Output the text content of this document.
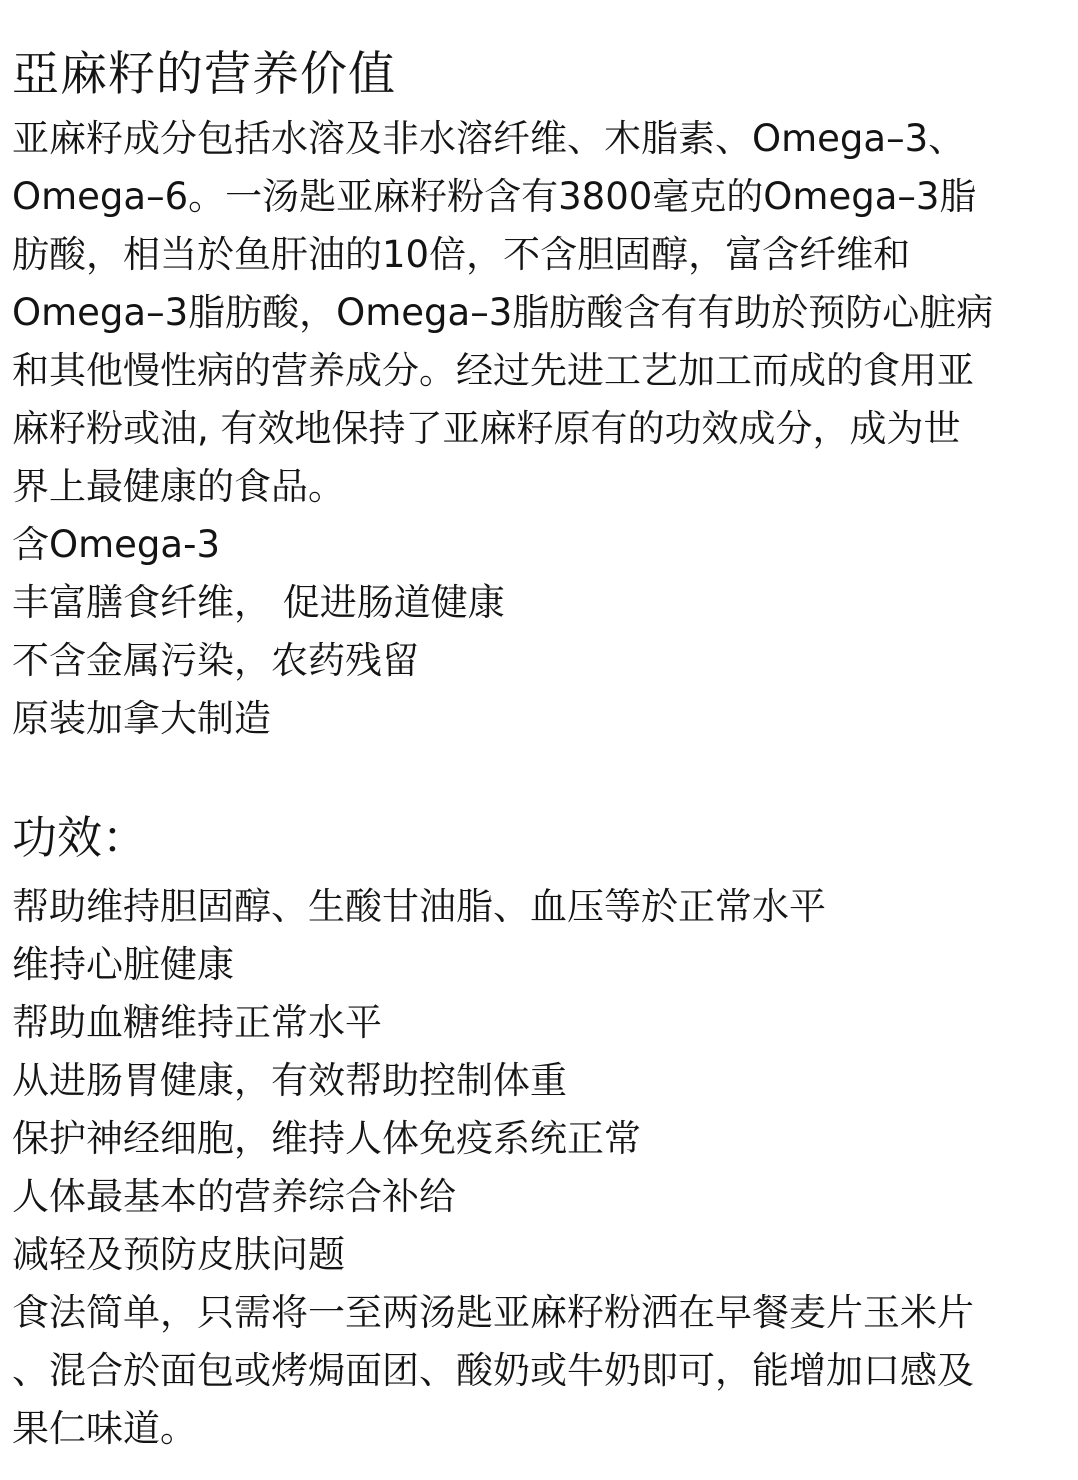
亞麻籽的营养价值
亚麻籽成分包括水溶及非水溶纤维、木脂素、Omega–3、
Omega–6。一汤匙亚麻籽粉含有3800毫克的Omega–3脂
肪酸，相当於鱼肝油的10倍，不含胆固醇，富含纤维和
Omega–3脂肪酸，Omega–3脂肪酸含有有助於预防心脏病
和其他慢性病的营养成分。经过先进工艺加工而成的食用亚
麻籽粉或油, 有效地保持了亚麻籽原有的功效成分，成为世
界上最健康的食品。
含Omega-3
丰富膳食纤维， 促进肠道健康
不含金属污染，农药残留
原装加拿大制造
功效：
帮助维持胆固醇、生酸甘油脂、血压等於正常水平
维持心脏健康
帮助血糖维持正常水平
从进肠胃健康，有效帮助控制体重
保护神经细胞，维持人体免疫系统正常
人体最基本的营养综合补给
减轻及预防皮肤问题
食法简单，只需将一至两汤匙亚麻籽粉洒在早餐麦片玉米片
、混合於面包或烤焗面团、酸奶或牛奶即可，能增加口感及
果仁味道。
